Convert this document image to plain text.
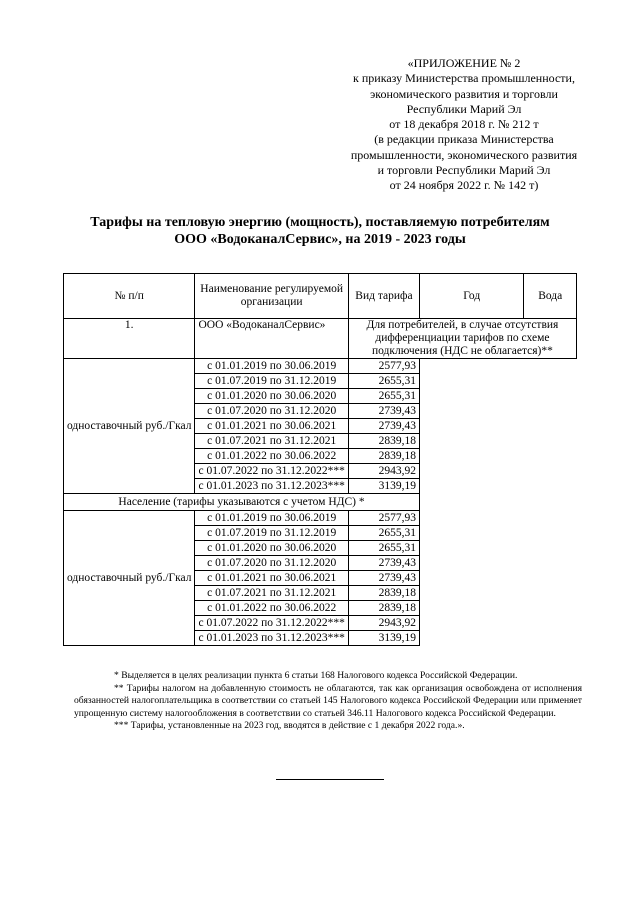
«ПРИЛОЖЕНИЕ № 2
к приказу Министерства промышленности,
экономического развития и торговли
Республики Марий Эл
от 18 декабря 2018 г. № 212 т
(в редакции приказа Министерства
промышленности, экономического развития
и торговли Республики Марий Эл
от 24 ноября 2022 г. № 142 т)
Тарифы на тепловую энергию (мощность), поставляемую потребителям
ООО «ВодоканалСервис», на 2019 - 2023 годы
№ п/п	Наименование регулируемой организации	Вид тарифа	Год	Вода
1.	ООО «ВодоканалСервис»	Для потребителей, в случае отсутствия дифференциации тарифов по схеме подключения (НДС не облагается)**		
одноставочный руб./Гкал	с 01.01.2019 по 30.06.2019	2577,93		
	с 01.07.2019 по 31.12.2019	2655,31		
	с 01.01.2020 по 30.06.2020	2655,31		
	с 01.07.2020 по 31.12.2020	2739,43		
	с 01.01.2021 по 30.06.2021	2739,43		
	с 01.07.2021 по 31.12.2021	2839,18		
	с 01.01.2022 по 30.06.2022	2839,18		
	с 01.07.2022 по 31.12.2022***	2943,92		
	с 01.01.2023 по 31.12.2023***	3139,19		
Население (тарифы указываются с учетом НДС) *				
одноставочный руб./Гкал	с 01.01.2019 по 30.06.2019	2577,93		
	с 01.07.2019 по 31.12.2019	2655,31		
	с 01.01.2020 по 30.06.2020	2655,31		
	с 01.07.2020 по 31.12.2020	2739,43		
	с 01.01.2021 по 30.06.2021	2739,43		
	с 01.07.2021 по 31.12.2021	2839,18		
	с 01.01.2022 по 30.06.2022	2839,18		
	с 01.07.2022 по 31.12.2022***	2943,92		
	с 01.01.2023 по 31.12.2023***	3139,19		

* Выделяется в целях реализации пункта 6 статьи 168 Налогового кодекса Российской Федерации.

** Тарифы налогом на добавленную стоимость не облагаются, так как организация освобождена от исполнения обязанностей налогоплательщика в соответствии со статьей 145 Налогового кодекса Российской Федерации или применяет упрощенную систему налогообложения в соответствии со статьей 346.11 Налогового кодекса Российской Федерации.

*** Тарифы, установленные на 2023 год, вводятся в действие с 1 декабря 2022 года.».
